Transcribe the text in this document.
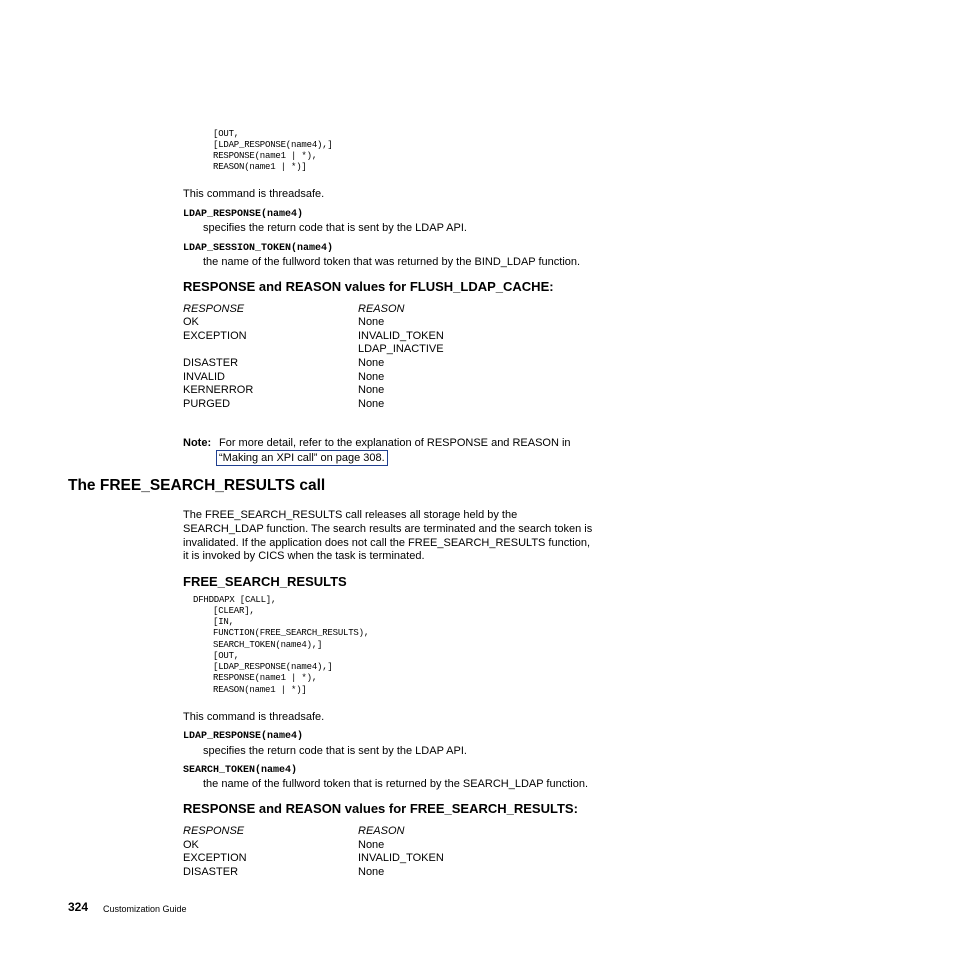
[OUT,
[LDAP_RESPONSE(name4),]
RESPONSE(name1 | *),
REASON(name1 | *)]
This command is threadsafe.
LDAP_RESPONSE(name4)
specifies the return code that is sent by the LDAP API.
LDAP_SESSION_TOKEN(name4)
the name of the fullword token that was returned by the BIND_LDAP function.
RESPONSE and REASON values for FLUSH_LDAP_CACHE:
RESPONSE	REASON
OK	None
EXCEPTION	INVALID_TOKEN
LDAP_INACTIVE
DISASTER	None
INVALID	None
KERNERROR	None
PURGED	None
Note: For more detail, refer to the explanation of RESPONSE and REASON in
“Making an XPI call” on page 308.
The FREE_SEARCH_RESULTS call
The FREE_SEARCH_RESULTS call releases all storage held by the
SEARCH_LDAP function. The search results are terminated and the search token is
invalidated. If the application does not call the FREE_SEARCH_RESULTS function,
it is invoked by CICS when the task is terminated.
FREE_SEARCH_RESULTS
DFHDDAPX [CALL],
[CLEAR],
[IN,
FUNCTION(FREE_SEARCH_RESULTS),
SEARCH_TOKEN(name4),]
[OUT,
[LDAP_RESPONSE(name4),]
RESPONSE(name1 | *),
REASON(name1 | *)]
This command is threadsafe.
LDAP_RESPONSE(name4)
specifies the return code that is sent by the LDAP API.
SEARCH_TOKEN(name4)
the name of the fullword token that is returned by the SEARCH_LDAP function.
RESPONSE and REASON values for FREE_SEARCH_RESULTS:
RESPONSE	REASON
OK	None
EXCEPTION	INVALID_TOKEN
DISASTER	None
324 Customization Guide
